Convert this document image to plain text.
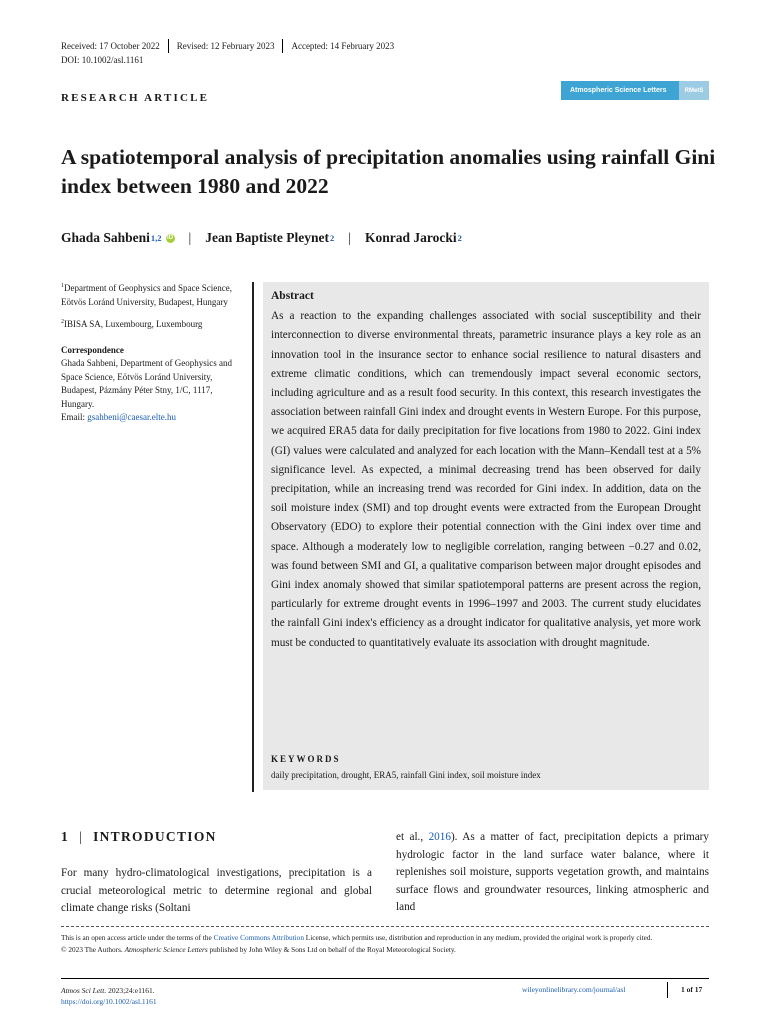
Received: 17 October 2022 Revised: 12 February 2023 Accepted: 14 February 2023
DOI: 10.1002/asl.1161
RESEARCH ARTICLE
Atmospheric Science Letters	RMetS
A spatiotemporal analysis of precipitation anomalies using rainfall Gini index between 1980 and 2022
Ghada Sahbeni 1,2 iD | Jean Baptiste Pleynet 2 | Konrad Jarocki 2

$^1$Department of Geophysics and Space Science, Eötvös Loránd University, Budapest, Hungary

$^2$IBISA SA, Luxembourg, Luxembourg

Correspondence

Ghada Sahbeni, Department of Geophysics and Space Science, Eötvös Loránd University, Budapest, Pázmány Péter Stny, 1/C, 1117, Hungary.

Email: gsahbeni@caesar.elte.hu

Abstract

As a reaction to the expanding challenges associated with social susceptibility and their interconnection to diverse environmental threats, parametric insurance plays a key role as an innovation tool in the insurance sector to enhance social resilience to natural disasters and extreme climatic conditions, which can tremendously impact several economic sectors, including agriculture and as a result food security. In this context, this research investigates the association between rainfall Gini index and drought events in Western Europe. For this purpose, we acquired ERA5 data for daily precipitation for five locations from 1980 to 2022. Gini index (GI) values were calculated and analyzed for each location with the Mann–Kendall test at a 5% significance level. As expected, a minimal decreasing trend has been observed for daily precipitation, while an increasing trend was recorded for Gini index. In addition, data on the soil moisture index (SMI) and top drought events were extracted from the European Drought Observatory (EDO) to explore their potential connection with the Gini index over time and space. Although a moderately low to negligible correlation, ranging between −0.27 and 0.02, was found between SMI and GI, a qualitative comparison between major drought episodes and Gini index anomaly showed that similar spatiotemporal patterns are present across the region, particularly for extreme drought events in 1996–1997 and 2003. The current study elucidates the rainfall Gini index's efficiency as a drought indicator for qualitative analysis, yet more work must be conducted to quantitatively evaluate its association with drought magnitude.

KEYWORDS
daily precipitation, drought, ERA5, rainfall Gini index, soil moisture index
1 | INTRODUCTION

For many hydro-climatological investigations, precipitation is a crucial meteorological metric to determine regional and global climate change risks (Soltani

et al., 2016). As a matter of fact, precipitation depicts a primary hydrologic factor in the land surface water balance, where it replenishes soil moisture, supports vegetation growth, and maintains surface flows and groundwater resources, linking atmospheric and land

This is an open access article under the terms of the Creative Commons Attribution License, which permits use, distribution and reproduction in any medium, provided the original work is properly cited.

© 2023 The Authors. Atmospheric Science Letters published by John Wiley & Sons Ltd on behalf of the Royal Meteorological Society.

Atmos Sci Lett. 2023;24:e1161.
https://doi.org/10.1002/asl.1161
wileyonlinelibrary.com/journal/asl	1 of 17
